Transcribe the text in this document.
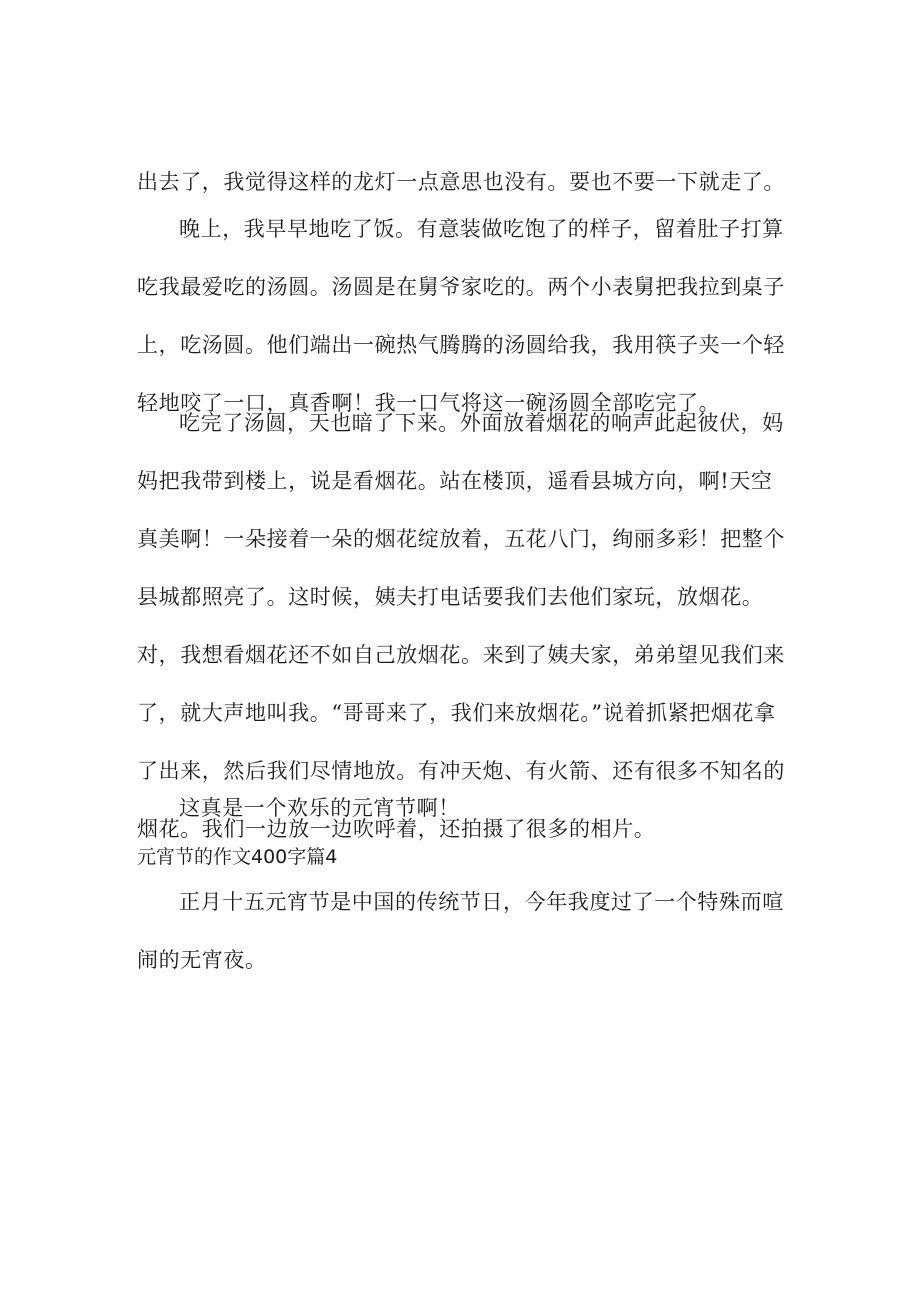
出去了，我觉得这样的龙灯一点意思也没有。要也不要一下就走了。

晚上，我早早地吃了饭。有意装做吃饱了的样子，留着肚子打算吃我最爱吃的汤圆。汤圆是在舅爷家吃的。两个小表舅把我拉到桌子上，吃汤圆。他们端出一碗热气腾腾的汤圆给我，我用筷子夹一个轻轻地咬了一口，真香啊！我一口气将这一碗汤圆全部吃完了。

吃完了汤圆，天也暗了下来。外面放着烟花的响声此起彼伏，妈妈把我带到楼上，说是看烟花。站在楼顶，遥看县城方向，啊!天空真美啊！一朵接着一朵的烟花绽放着，五花八门，绚丽多彩！把整个县城都照亮了。这时候，姨夫打电话要我们去他们家玩，放烟花。对，我想看烟花还不如自己放烟花。来到了姨夫家，弟弟望见我们来了，就大声地叫我。“哥哥来了，我们来放烟花。”说着抓紧把烟花拿了出来，然后我们尽情地放。有冲天炮、有火箭、还有很多不知名的烟花。我们一边放一边吹呼着，还拍摄了很多的相片。

这真是一个欢乐的元宵节啊！

元宵节的作文400字篇4

正月十五元宵节是中国的传统节日，今年我度过了一个特殊而喧闹的无宵夜。
